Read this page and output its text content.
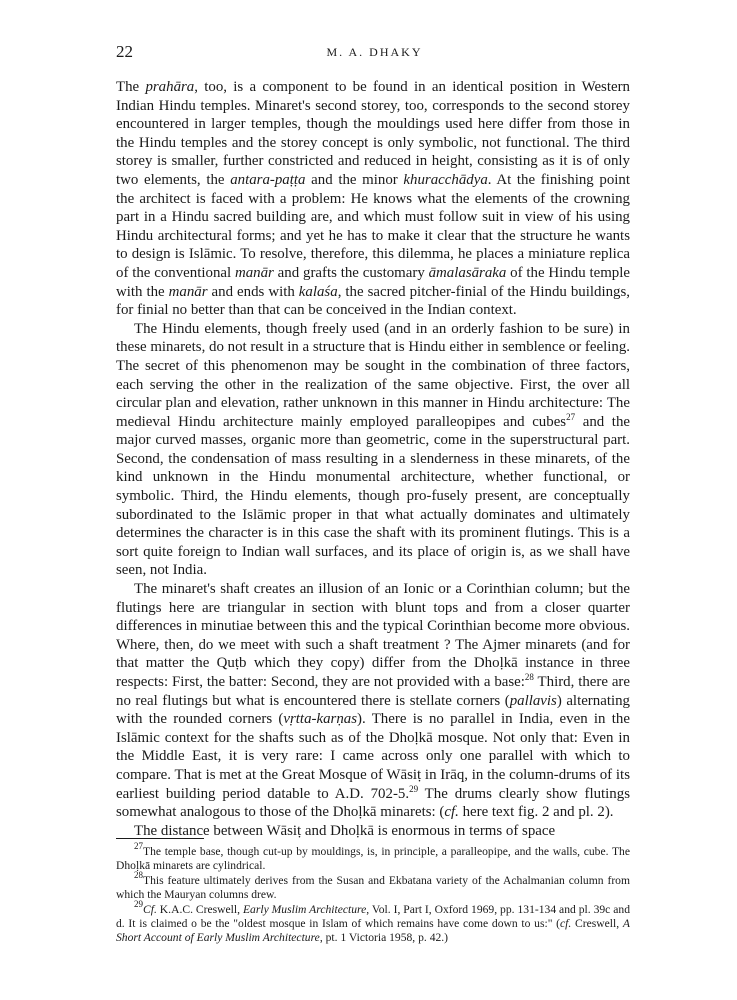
22	M. A. DHAKY

The prahāra, too, is a component to be found in an identical position in Western Indian Hindu temples. Minaret's second storey, too, corresponds to the second storey encountered in larger temples, though the mouldings used here differ from those in the Hindu temples and the storey concept is only symbolic, not functional. The third storey is smaller, further constricted and reduced in height, consisting as it is of only two elements, the antara-paṭṭa and the minor khuracchādya. At the finishing point the architect is faced with a problem: He knows what the elements of the crowning part in a Hindu sacred building are, and which must follow suit in view of his using Hindu architectural forms; and yet he has to make it clear that the structure he wants to design is Islāmic. To resolve, therefore, this dilemma, he places a miniature replica of the conventional manār and grafts the customary āmalasāraka of the Hindu temple with the manār and ends with kalaśa, the sacred pitcher-finial of the Hindu buildings, for finial no better than that can be conceived in the Indian context.

The Hindu elements, though freely used (and in an orderly fashion to be sure) in these minarets, do not result in a structure that is Hindu either in semblence or feeling. The secret of this phenomenon may be sought in the combination of three factors, each serving the other in the realization of the same objective. First, the over all circular plan and elevation, rather unknown in this manner in Hindu architecture: The medieval Hindu architecture mainly employed paralleopipes and cubes$^{27}$ and the major curved masses, organic more than geometric, come in the superstructural part. Second, the condensation of mass resulting in a slenderness in these minarets, of the kind unknown in the Hindu monumental architecture, whether functional, or symbolic. Third, the Hindu elements, though pro-fusely present, are conceptually subordinated to the Islāmic proper in that what actually dominates and ultimately determines the character is in this case the shaft with its prominent flutings. This is a sort quite foreign to Indian wall surfaces, and its place of origin is, as we shall have seen, not India.

The minaret's shaft creates an illusion of an Ionic or a Corinthian column; but the flutings here are triangular in section with blunt tops and from a closer quarter differences in minutiae between this and the typical Corinthian become more obvious. Where, then, do we meet with such a shaft treatment ? The Ajmer minarets (and for that matter the Quṭb which they copy) differ from the Dhoḷkā instance in three respects: First, the batter: Second, they are not provided with a base:$^{28}$ Third, there are no real flutings but what is encountered there is stellate corners (pallavis) alternating with the rounded corners (vṛtta-karṇas). There is no parallel in India, even in the Islāmic context for the shafts such as of the Dhoḷkā mosque. Not only that: Even in the Middle East, it is very rare: I came across only one parallel with which to compare. That is met at the Great Mosque of Wāsiṭ in Irāq, in the column-drums of its earliest building period datable to A.D. 702-5.29 The drums clearly show flutings somewhat analogous to those of the Dhoḷkā minarets: (cf. here text fig. 2 and pl. 2).

The distance between Wāsiṭ and Dhoḷkā is enormous in terms of space

$^{27}$The temple base, though cut-up by mouldings, is, in principle, a paralleopipe, and the walls, cube. The Dhoḷkā minarets are cylindrical.

$^{28}$This feature ultimately derives from the Susan and Ekbatana variety of the Achalmanian column from which the Mauryan columns drew.

$^{29}$Cf. K.A.C. Creswell, Early Muslim Architecture, Vol. I, Part I, Oxford 1969, pp. 131-134 and pl. 39c and d. It is claimed o be the "oldest mosque in Islam of which remains have come down to us:" (cf. Creswell, A Short Account of Early Muslim Architecture, pt. 1 Victoria 1958, p. 42.)
